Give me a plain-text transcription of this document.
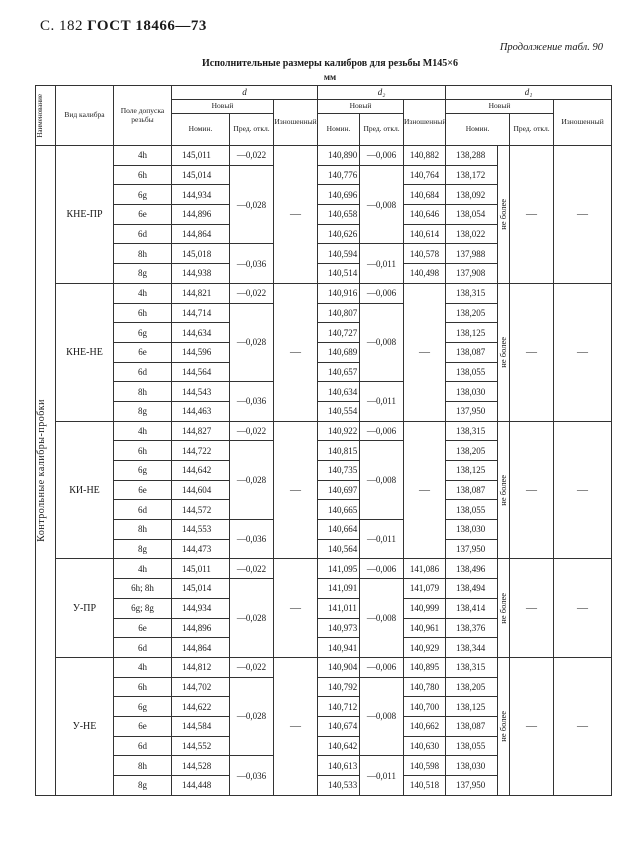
С. 182 ГОСТ 18466—73
Продолжение табл. 90
Исполнительные размеры калибров для резьбы М145×6
мм
Наименование	Вид калибра	Поле допуска резьбы	d			d₂			d₁			
			Новый		Изношенный	Новый		Изношенный	Новый			Изношенный
			Номин.	Пред. откл.		Номин.	Пред. откл.		Номин.		Пред. откл.	

Контрольные калибры-пробки	КНЕ-ПР	4h	145,011	—0,022	—	140,890	—0,006	140,882	138,288	не более	—	—
		6h	145,014	—0,028		140,776	—0,008	140,764	138,172			
		6g	144,934			140,696		140,684	138,092			
		6e	144,896			140,658		140,646	138,054			
		6d	144,864			140,626		140,614	138,022			
		8h	145,018	—0,036		140,594	—0,011	140,578	137,988			
		8g	144,938			140,514		140,498	137,908			
	КНЕ-НЕ	4h	144,821	—0,022	—	140,916	—0,006	—	138,315	не более	—	—
		6h	144,714	—0,028		140,807	—0,008		138,205			
		6g	144,634			140,727			138,125			
		6e	144,596			140,689			138,087			
		6d	144,564			140,657			138,055			
		8h	144,543	—0,036		140,634	—0,011		138,030			
		8g	144,463			140,554			137,950			
	КИ-НЕ	4h	144,827	—0,022	—	140,922	—0,006	—	138,315	не более	—	—
		6h	144,722	—0,028		140,815	—0,008		138,205			
		6g	144,642			140,735			138,125			
		6e	144,604			140,697			138,087			
		6d	144,572			140,665			138,055			
		8h	144,553	—0,036		140,664	—0,011		138,030			
		8g	144,473			140,564			137,950			
	У-ПР	4h	145,011	—0,022	—	141,095	—0,006	141,086	138,496	не более	—	—
		6h; 8h	145,014	—0,028		141,091	—0,008	141,079	138,494			
		6g; 8g	144,934			141,011		140,999	138,414			
		6e	144,896			140,973		140,961	138,376			
		6d	144,864			140,941		140,929	138,344			
	У-НЕ	4h	144,812	—0,022	—	140,904	—0,006	140,895	138,315	не более	—	—
		6h	144,702	—0,028		140,792	—0,008	140,780	138,205			
		6g	144,622			140,712		140,700	138,125			
		6e	144,584			140,674		140,662	138,087			
		6d	144,552			140,642		140,630	138,055			
		8h	144,528	—0,036		140,613	—0,011	140,598	138,030			
		8g	144,448			140,533		140,518	137,950			
